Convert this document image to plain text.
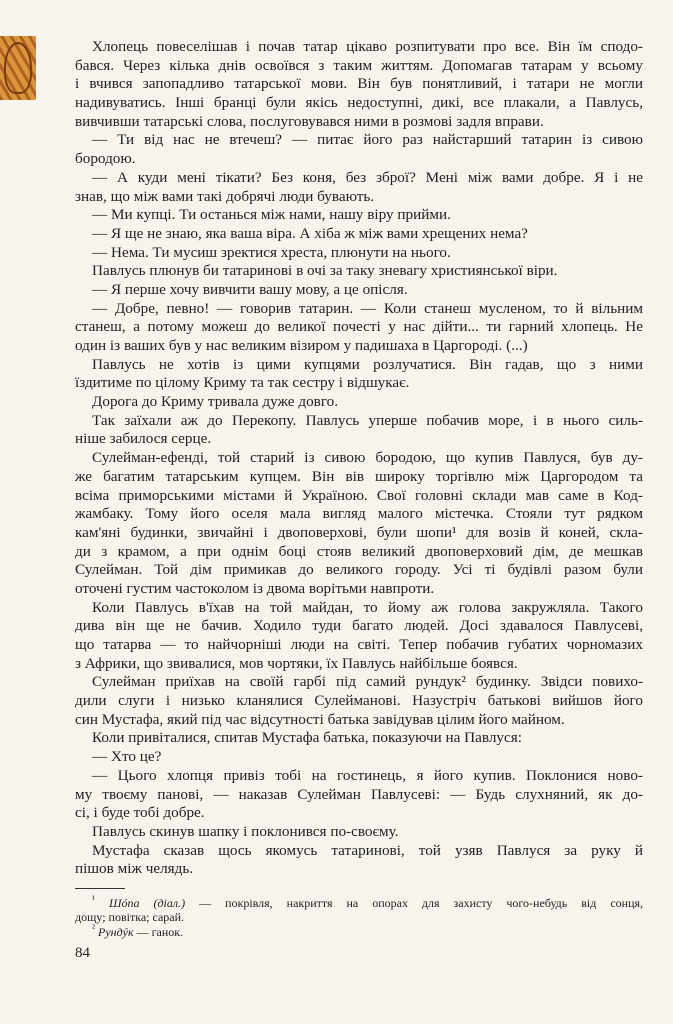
Хлопець повеселішав і почав татар цікаво розпитувати про все. Він їм сподо-
бався. Через кілька днів освоївся з таким життям. Допомагав татарам у всьому
і вчився запопадливо татарської мови. Він був понятливий, і татари не могли
надивуватись. Інші бранці були якісь недоступні, дикі, все плакали, а Павлусь,
вивчивши татарські слова, послуговувався ними в розмові задля вправи.
— Ти від нас не втечеш? — питає його раз найстарший татарин із сивою
бородою.
— А куди мені тікати? Без коня, без зброї? Мені між вами добре. Я і не
знав, що між вами такі добрячі люди бувають.
— Ми купці. Ти останься між нами, нашу віру прийми.
— Я ще не знаю, яка ваша віра. А хіба ж між вами хрещених нема?
— Нема. Ти мусиш зректися хреста, плюнути на нього.
Павлусь плюнув би татаринові в очі за таку зневагу християнської віри.
— Я перше хочу вивчити вашу мову, а це опісля.
— Добре, певно! — говорив татарин. — Коли станеш мусленом, то й вільним
станеш, а потому можеш до великої почесті у нас дійти... ти гарний хлопець. Не
один із ваших був у нас великим візиром у падишаха в Царгороді. (...)
Павлусь не хотів із цими купцями розлучатися. Він гадав, що з ними
їздитиме по цілому Криму та так сестру і відшукає.
Дорога до Криму тривала дуже довго.
Так заїхали аж до Перекопу. Павлусь уперше побачив море, і в нього силь-
ніше забилося серце.
Сулейман-ефенді, той старий із сивою бородою, що купив Павлуся, був ду-
же багатим татарським купцем. Він вів широку торгівлю між Царгородом та
всіма приморськими містами й Україною. Свої головні склади мав саме в Код-
жамбаку. Тому його оселя мала вигляд малого містечка. Стояли тут рядком
кам'яні будинки, звичайні і двоповерхові, були шопи¹ для возів й коней, скла-
ди з крамом, а при однім боці стояв великий двоповерховий дім, де мешкав
Сулейман. Той дім примикав до великого городу. Усі ті будівлі разом були
оточені густим частоколом із двома ворітьми навпроти.
Коли Павлусь в'їхав на той майдан, то йому аж голова закружляла. Такого
дива він ще не бачив. Ходило туди багато людей. Досі здавалося Павлусеві,
що татарва — то найчорніші люди на світі. Тепер побачив губатих чорномазих
з Африки, що звивалися, мов чортяки, їх Павлусь найбільше боявся.
Сулейман приїхав на своїй гарбі під самий рундук² будинку. Звідси повихо-
дили слуги і низько кланялися Сулейманові. Назустріч батькові вийшов його
син Мустафа, який під час відсутності батька завідував цілим його майном.
Коли привіталися, спитав Мустафа батька, показуючи на Павлуся:
— Хто це?
— Цього хлопця привіз тобі на гостинець, я його купив. Поклонися ново-
му твоєму панові, — наказав Сулейман Павлусеві: — Будь слухняний, як до-
сі, і буде тобі добре.
Павлусь скинув шапку і поклонився по-своєму.
Мустафа сказав щось якомусь татаринові, той узяв Павлуся за руку й
пішов між челядь.
$^{^1}$ Шóпа (діал.) — покрівля, накриття на опорах для захисту чого-небудь від сонця,
дощу; повітка; сарай.
$^{^2}$ Рундýк — ганок.
84
